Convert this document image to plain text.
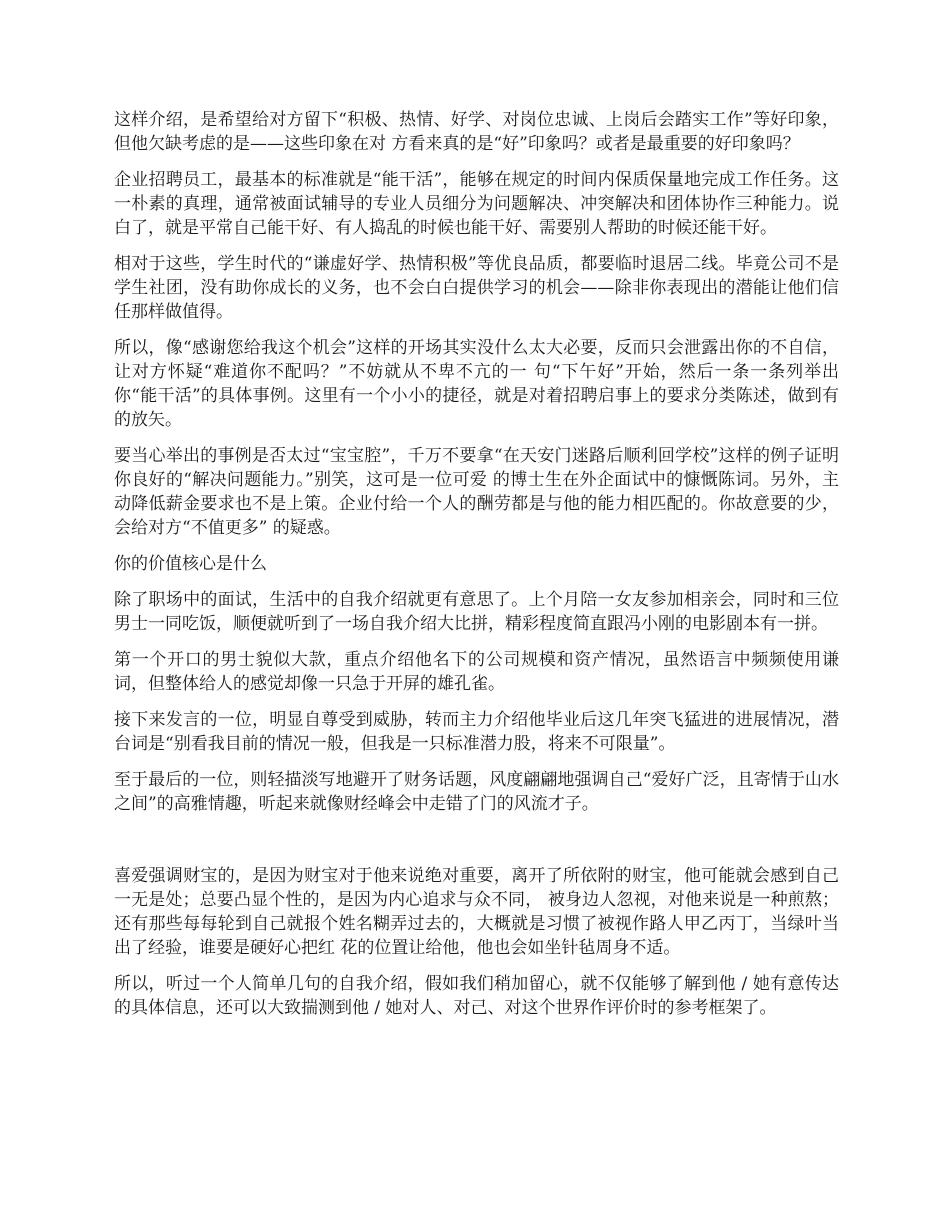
这样介绍，是希望给对方留下“积极、热情、好学、对岗位忠诚、上岗后会踏实工作”等好印象，但他欠缺考虑的是——这些印象在对 方看来真的是“好”印象吗？或者是最重要的好印象吗？

企业招聘员工，最基本的标准就是“能干活”，能够在规定的时间内保质保量地完成工作任务。这一朴素的真理，通常被面试辅导的专业人员细分为问题解决、冲突解决和团体协作三种能力。说白了，就是平常自己能干好、有人捣乱的时候也能干好、需要别人帮助的时候还能干好。

相对于这些，学生时代的“谦虚好学、热情积极”等优良品质，都要临时退居二线。毕竟公司不是学生社团，没有助你成长的义务，也不会白白提供学习的机会——除非你表现出的潜能让他们信任那样做值得。

所以，像“感谢您给我这个机会”这样的开场其实没什么太大必要，反而只会泄露出你的不自信，让对方怀疑“难道你不配吗？”不妨就从不卑不亢的一 句“下午好”开始，然后一条一条列举出你“能干活”的具体事例。这里有一个小小的捷径，就是对着招聘启事上的要求分类陈述，做到有的放矢。

要当心举出的事例是否太过“宝宝腔”，千万不要拿“在天安门迷路后顺利回学校”这样的例子证明你良好的“解决问题能力。”别笑，这可是一位可爱 的博士生在外企面试中的慷慨陈词。另外，主动降低薪金要求也不是上策。企业付给一个人的酬劳都是与他的能力相匹配的。你故意要的少，会给对方“不值更多” 的疑惑。

你的价值核心是什么

除了职场中的面试，生活中的自我介绍就更有意思了。上个月陪一女友参加相亲会，同时和三位男士一同吃饭，顺便就听到了一场自我介绍大比拼，精彩程度简直跟冯小刚的电影剧本有一拼。

第一个开口的男士貌似大款，重点介绍他名下的公司规模和资产情况，虽然语言中频频使用谦词，但整体给人的感觉却像一只急于开屏的雄孔雀。

接下来发言的一位，明显自尊受到威胁，转而主力介绍他毕业后这几年突飞猛进的进展情况，潜台词是“别看我目前的情况一般，但我是一只标准潜力股，将来不可限量”。

至于最后的一位，则轻描淡写地避开了财务话题，风度翩翩地强调自己“爱好广泛，且寄情于山水之间”的高雅情趣，听起来就像财经峰会中走错了门的风流才子。

喜爱强调财宝的，是因为财宝对于他来说绝对重要，离开了所依附的财宝，他可能就会感到自己一无是处；总要凸显个性的，是因为内心追求与众不同， 被身边人忽视，对他来说是一种煎熬；还有那些每每轮到自己就报个姓名糊弄过去的，大概就是习惯了被视作路人甲乙丙丁，当绿叶当出了经验，谁要是硬好心把红 花的位置让给他，他也会如坐针毡周身不适。

所以，听过一个人简单几句的自我介绍，假如我们稍加留心，就不仅能够了解到他 / 她有意传达的具体信息，还可以大致揣测到他 / 她对人、对己、对这个世界作评价时的参考框架了。
